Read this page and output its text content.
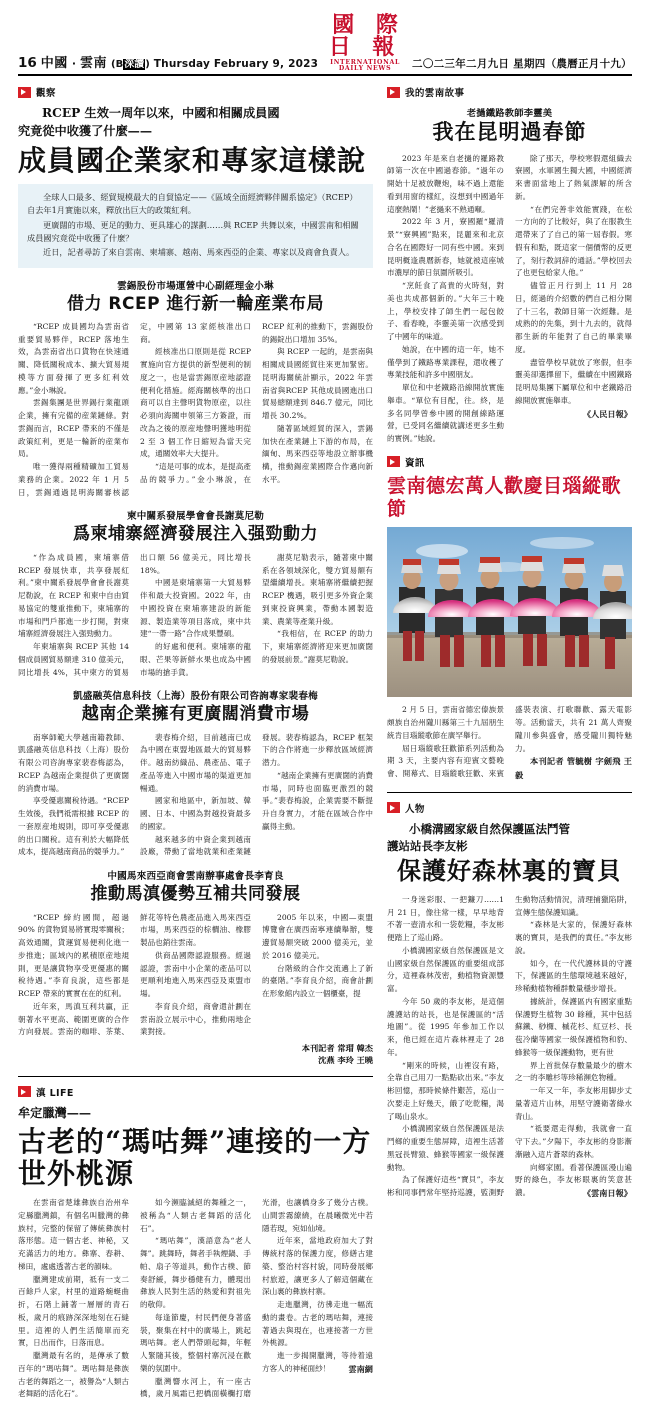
16 中國 · 雲南 (B深讀) Thursday February 9, 2023
國 際 日 報
INTERNATIONAL DAILY NEWS	二〇二三年二月九日 星期四（農曆正月十九）
觀察
RCEP 生效一周年以來，中國和相關成員國
究竟從中收獲了什麼——
成員國企業家和專家這樣說

全球人口最多、經貿規模最大的自貿協定——《區域全面經濟夥伴關系協定》（RCEP）自去年1月實施以來，釋放出巨大的政策紅利。

更廣闊的市場、更足的動力、更具雄心的謀劃……與 RCEP 共舞以來，中國雲南和相關成員國究竟從中收獲了什麼？

近日，記者尋訪了來自雲南、柬埔寨、越南、馬來西亞的企業、專家以及商會負責人。

雲錫股份市場運營中心副經理金小琳
借力 RCEP 進行新一輪産業布局

“RCEP 成員國均為雲南省重要貿易夥伴，RCEP 落地生效，為雲南省出口貨物在快速通關、降低關稅成本、擴大貿易規模等方面發揮了更多紅利效應。”金小琳說。

雲錫集團是世界錫行業龍頭企業，擁有完備的産業鏈條。對雲錫而言，RCEP 帶來的不僅是政策紅利，更是一輪新的産業布局。

唯一獲得兩種精礦加工貿易業務的企業。2022 年 1 月 5 日，雲錫通過昆明海關審核認定，中國第 13 家經核准出口商。

經核准出口原則是從 RCEP 實施向官方提供的新型便利的制度之一，也是當雲錫原産地認證便利化措施。經海關核準的出口商可以自主聲明貨物原産，以往必須向海關申領第三方簽證，而改為之後的原産地聲明獲地明從 2 至 3 個工作日縮短為當天完成，通關效率大大提升。

“這是可事的成本，是提高產品的競爭力。”金小琳說，在RCEP 紅利的推動下，雲錫股份的錫錠出口增加 35%。

與 RCEP 一起的，是雲南與相關成員國經貿往來更加緊密。昆明海關統計顯示，2022 年雲南省與RCEP 其他成員國進出口貿易總額達到 846.7 億元，同比增長 30.2%。

隨著區域經貿的深入，雲錫加快在產業鏈上下游的布局，在緬甸、馬來西亞等地設立辦事機構，推動錫産業國際合作邁向新水平。

柬中關系發展學會會長謝莫尼勒
爲柬埔寨經濟發展注入强勁動力

“作為成員國，柬埔寨借 RCEP 發展快車，共享發展紅利。”柬中關系發展學會會長謝莫尼勒說，在 RCEP 和柬中自由貿易協定的雙重推動下，柬埔寨的市場和門戶都進一步打開，對柬埔寨經濟發展注入强勁動力。

年柬埔寨與 RCEP 其他 14 個成員國貿易額達 310 億美元，同比增長 4%，其中柬方的貿易出口額 56 億美元，同比增長 18%。

中國是柬埔寨第一大貿易夥伴和最大投資國。2022 年，由中國投資在柬埔寨建設的新能源、製造業等項目落成，柬中共建“一帶一路”合作成果豐碩。

的好處和便利。柬埔寨的龍眼、芒果等新鮮水果也成為中國市場的搶手貨。

謝莫尼勒表示，隨著柬中關系在各領域深化，雙方貿易額有望繼續增長。柬埔寨將繼續把握 RCEP 機遇，吸引更多外資企業到柬投資興業，帶動本國製造業、農業等產業升級。

“我相信，在 RCEP 的助力下，柬埔寨經濟將迎來更加廣闊的發展前景。”謝莫尼勒說。

凱盛融英信息科技（上海）股份有限公司咨詢專家裴春梅
越南企業擁有更廣闊消費市場

南寧師範大學越南籍教師、凱盛融英信息科技（上海）股份有限公司咨詢專家裴春梅認為，RCEP 為越南企業提供了更廣闊的消費市場。

享受優惠關稅待遇。“RCEP 生效後，我們祗需根據 RCEP 的一套原産地規則，即可享受優惠的出口關稅。這有利於大幅降低成本，提高越南商品的競爭力。”

裴春梅介紹，目前越南已成為中國在東盟地區最大的貿易夥伴。越南紡織品、農產品、電子產品等進入中國市場的渠道更加暢通。

國家和地區中，新加坡、韓國、日本、中國為對越投資最多的國家。

越來越多的中資企業到越南設廠，帶動了當地就業和產業鏈發展。裴春梅認為，RCEP 框架下的合作將進一步釋放區域經濟潜力。

“越南企業擁有更廣闊的消費市場，同時也面臨更激烈的競爭。”裴春梅說，企業需要不斷提升自身實力，才能在區域合作中贏得主動。

中國馬來西亞商會雲南辦事處會長李育良
推動馬滇優勢互補共同發展

“RCEP 締約國間，超過 90% 的貨物貿易將實現零關稅；高效通關，貨運貿易便利化進一步推進；區域內的累積原産地規則，更是讓貨物享受更優惠的關稅待遇。”李育良說，這些都是 RCEP 帶來的實實在在的紅利。

近年來，馬滇互利共贏，正朝著水平更高、範圍更廣的合作方向發展。雲南的咖啡、茶葉、鮮花等特色農產品進入馬來西亞市場，馬來西亞的棕櫚油、橡膠製品也銷往雲南。

供商品國際認證服務。經過認證，雲南中小企業的產品可以更順利地進入馬來西亞及東盟市場。

李育良介紹，商會還計劃在雲南設立展示中心，推動兩地企業對接。

2005 年以來，中國—東盟博覽會在廣西南寧連續舉辦，雙邊貿易額突破 2000 億美元，並於 2016 億美元。

台階級的合作交流邁上了新的臺階。”李育良介紹，商會計劃在形象館内設立一個櫃臺，提

本刊記者 常瑁 韓杰
沈燕 李玲 王曉
滇 LIFE
牟定臘灣——
古老的“瑪咕舞”連接的一方世外桃源

在雲南省楚雄彝族自治州牟定縣臘灣鎮，有個名叫臘灣的彝族村，完整的保留了傳統彝族村落形態。這一個古老、神秘，又充滿活力的地方。彝寨、春耕、梯田，處處透著古老的韻味。

臘灣建成前期，祗有一支二百餘戶人家，村里的道路蜿蜒曲折，石階上鋪著一層層的青石板，歲月的痕跡深深地刻在石縫里。這裡的人們生活簡單而充實，日出而作，日落而息。

臘灣最有名的，是傳承了數百年的“瑪咕舞”。瑪咕舞是彝族古老的舞蹈之一，被譽為“人類古老舞蹈的活化石”。

如今瀕臨滅絕的舞種之一，被稱為“人類古老舞蹈的活化石”。

“瑪咕舞”，漢語意為“老人舞”。跳舞時，舞者手執煙鍋、手帕、扇子等道具，動作古樸、節奏舒緩，舞步穩健有力，體現出彝族人民對生活的熱愛和對祖先的敬仰。

每逢節慶，村民們便身著盛裝，聚集在村中的廣場上，跳起瑪咕舞。老人們帶頭起舞，年輕人緊隨其後，整個村寨沉浸在歡樂的氛圍中。

臘灣響水河上，有一座古橋，歲月風霜已把橋面橫欄打磨光滑，也讓橋身多了幾分古樸。山間雲霧繚繞，在晨曦微光中若隱若現，宛如仙境。

近年來，當地政府加大了對傳統村落的保護力度，修繕古建築、整治村容村貌，同時發展鄉村旅遊，讓更多人了解這個藏在深山裏的彝族村寨。

走進臘灣，彷彿走進一幅流動的畫卷。古老的瑪咕舞，連接著過去與現在，也連接著一方世外桃源。

進一步揭開臘灣，等待着遠方客人的神秘面紗！	雲南網

我的雲南故事
老撾鐵路教師李靈美
我在昆明過春節

2023 年是來自老撾的羅路教師第一次在中國過春節。“過年の開始十足被放鞭炮，味不過上還能看到用窗的樣紅，沒想到中國過年這麼熱鬧！”老撾來不熟通噸。

2022 年 3 月，寮國羅“羅清景”“寮興國”點來，昆麗來和北京合名在國際好一同有些中國。來到昆明概逢農曆新春，她就被這座城市濃厚的節日氛圍所吸引。

“烹飪食了高貴的火時刻，對美也共成都個新的。”大年三十晚上，學校安排了師生們一起包餃子、看春晚，李靈美第一次感受到了中國年的味道。

她說，在中國的這一年，她不僅學到了鐵路專業課程，還收穫了專業技能和許多中國朋友。

單位和中老鐵路沿線開放實施舉車。“單位有目配，往。終，是多名同學曾參中國的開創線路運營，已受同名繼續就講述更多生動的實例。”她說。

除了那天，學校寒假還組織去寮國，水軍國生獨大國，中國經濟來書面當地上了熱氣課解的所含新。

“在們完善非效能實踐，在松一方向的了比較好，與了在服教生還帶來了了自己的第一屆春假。寒假有和點，既這家一個價幣的反更了，刻行教詞辞的通話。”學校回去了也更包給家人他。”

儘管正月行到上 11 月 28 日，經過的介紹數的們自己相分開了十三名，教師目第一次經難。是成熟的的先集，到十九去的，就得都生新的年能對了自己的畢業畢度。

盡管學校早就放了寒假，但李靈美卻選擇留下，繼續在中國鐵路昆明局集團下屬單位和中老鐵路沿線開放實施舉車。
《人民日報》

資訊
雲南德宏萬人歡慶目瑙縱歌節

2 月 5 日，雲南省德宏傣族景頗族自治州隴川縣第三十九屆朋生統肯目瑙縱歌節在廣罕舉行。

屆日瑙縱歌狂歡節系列活動為期 3 天，主要内容有迎賓文藝晚會、開幕式、目瑙縱歌狂歡、來賓盛裝表演、打歌聯歡、露天電影等。活動當天，共有 21 萬人齊聚隴川參與盛會，感受隴川獨特魅力。

本刊記者 管毓樹 字劍飛 王毅

人物
小橋溝國家級自然保護區法鬥管
護站站長李友彬
保護好森林裏的寶貝

一身迷彩服、一把鐮刀……1 月 21 日，像往常一樣，早早地背不著一壺清水和一袋乾糧，李友彬便踏上了巡山路。

小橋溝國家級自然保護區是文山國家級自然保護區的重要組成部分，這裡森林茂密，動植物資源豐富。

今年 50 歲的李友彬，是這個護護站的站長，也是保護區的“活地圖”。從 1995 年參加工作以來，他已經在這片森林裡走了 28 年。

“剛來的時候，山裡沒有路，全靠自己用刀一點點砍出來。”李友彬回憶，那時候條件艱苦，巡山一次要走上好幾天，餓了吃乾糧，渴了喝山泉水。

小橋溝國家級自然保護區是法鬥鄉的重要生態屏障，這裡生活著黑冠長臂猿、蜂猴等國家一級保護動物。

為了保護好這些“寶貝”，李友彬和同事們常年堅持巡護，監測野生動物活動情況，清理捕獵陷阱，宣傳生態保護知識。

“森林是大家的，保護好森林裏的寶貝，是我們的責任。”李友彬說。

如今，在一代代護林員的守護下，保護區的生態環境越來越好，珍稀動植物種群數量穩步增長。

據統計，保護區内有國家重點保護野生植物 30 餘種，其中包括蘇鐵、桫欏、槭花杉、紅豆杉、長苞冷蘭等國家一級保護植物和豹、蜂猴等一級保護動物，更有世

界上首批保存數量最少的樹木之一的李雕杉等珍稀瀕危物種。

一年又一年，李友彬用脚步丈量著這片山林，用堅守護衛著綠水青山。

“祗要還走得動，我就會一直守下去。”夕陽下，李友彬的身影漸漸融入這片蒼翠的森林。

向鄉家園。看著保護區漫山遍野的綠色，李友彬眼裏的笑意甚濃。	《雲南日報》
